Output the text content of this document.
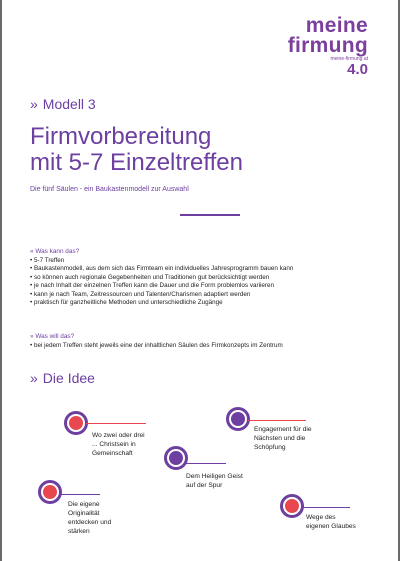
meine
firmung
meine-firmung.at
4.0
» Modell 3
Firmvorbereitung
mit 5-7 Einzeltreffen
Die fünf Säulen - ein Baukastenmodell zur Auswahl
» Was kann das?
• 5-7 Treffen
• Baukastenmodell, aus dem sich das Firmteam ein individuelles Jahresprogramm bauen kann
• so können auch regionale Gegebenheiten und Traditionen gut berücksichtigt werden
• je nach Inhalt der einzelnen Treffen kann die Dauer und die Form problemlos variieren
• kann je nach Team, Zeitressourcen und Talenten/Charismen adaptiert werden
• praktisch für ganzheitliche Methoden und unterschiedliche Zugänge
» Was will das?
• bei jedem Treffen steht jeweils eine der inhaltlichen Säulen des Firmkonzepts im Zentrum
» Die Idee
Wo zwei oder drei ... Christsein in Gemeinschaft
Dem Heiligen Geist auf der Spur
Engagement für die Nächsten und die Schöpfung
Die eigene Originalität entdecken und stärken
Wege des eigenen Glaubes
